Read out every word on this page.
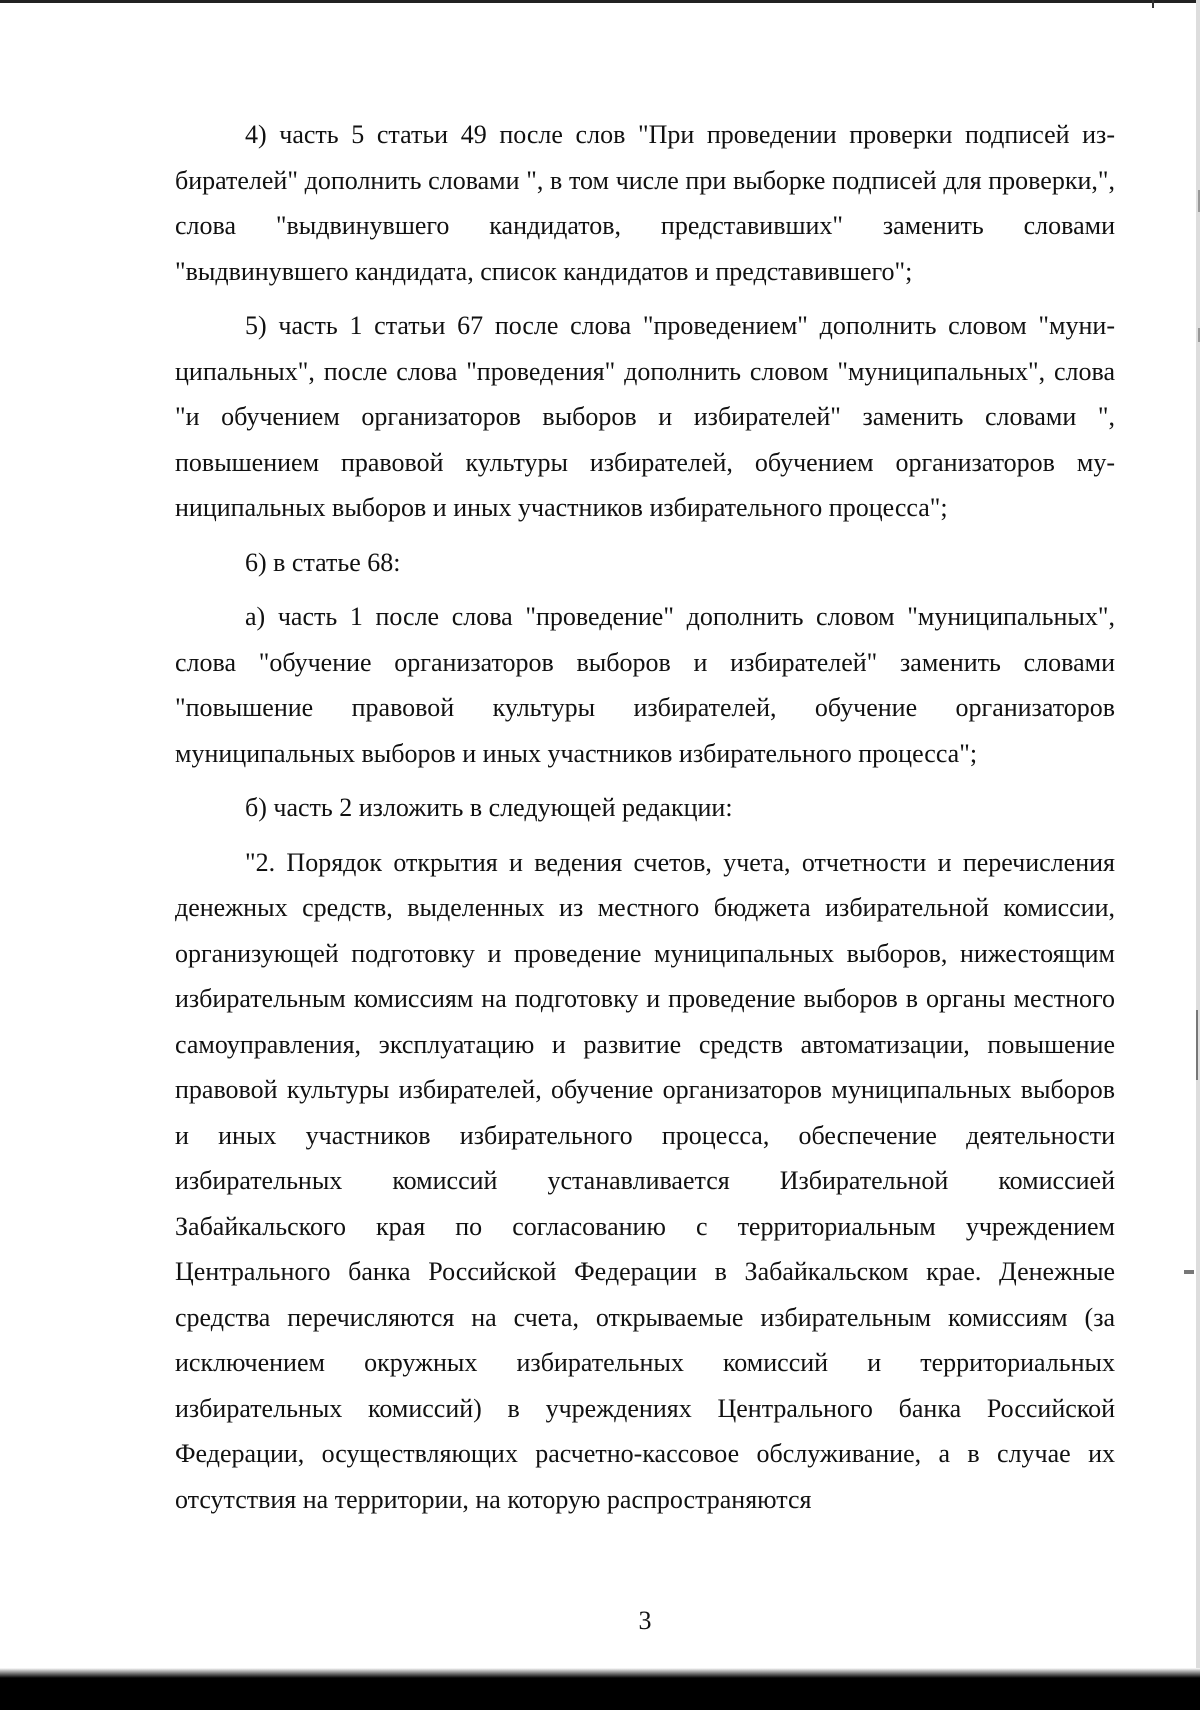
4) часть 5 статьи 49 после слов "При проведении проверки подписей избирателей" дополнить словами ", в том числе при выборке подписей для проверки,", слова "выдвинувшего кандидатов, представивших" заменить словами "выдвинувшего кандидата, список кандидатов и представившего";

5) часть 1 статьи 67 после слова "проведением" дополнить словом "муниципальных", после слова "проведения" дополнить словом "муниципальных", слова "и обучением организаторов выборов и избирателей" заменить словами ", повышением правовой культуры избирателей, обучением организаторов муниципальных выборов и иных участников избирательного процесса";

6) в статье 68:

а) часть 1 после слова "проведение" дополнить словом "муниципальных", слова "обучение организаторов выборов и избирателей" заменить словами "повышение правовой культуры избирателей, обучение организаторов муниципальных выборов и иных участников избирательного процесса";

б) часть 2 изложить в следующей редакции:

"2. Порядок открытия и ведения счетов, учета, отчетности и перечисления денежных средств, выделенных из местного бюджета избирательной комиссии, организующей подготовку и проведение муниципальных выборов, нижестоящим избирательным комиссиям на подготовку и проведение выборов в органы местного самоуправления, эксплуатацию и развитие средств автоматизации, повышение правовой культуры избирателей, обучение организаторов муниципальных выборов и иных участников избирательного процесса, обеспечение деятельности избирательных комиссий устанавливается Избирательной комиссией Забайкальского края по согласованию с территориальным учреждением Центрального банка Российской Федерации в Забайкальском крае. Денежные средства перечисляются на счета, открываемые избирательным комиссиям (за исключением окружных избирательных комиссий и территориальных избирательных комиссий) в учреждениях Центрального банка Российской Федерации, осуществляющих расчетно-кассовое обслуживание, а в случае их отсутствия на территории, на которую распространяются

3
